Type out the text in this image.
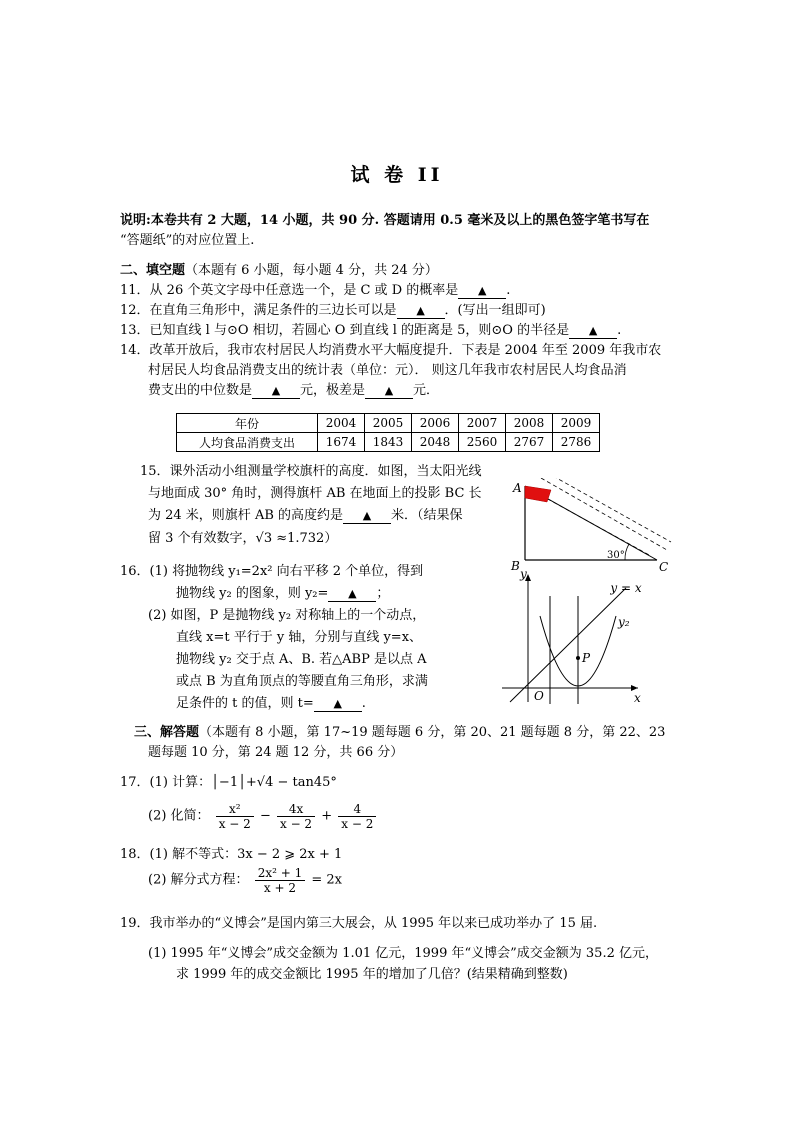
试 卷 II
说明:本卷共有 2 大题，14 小题，共 90 分. 答题请用 0.5 毫米及以上的黑色签字笔书写在
“答题纸”的对应位置上.
二、填空题（本题有 6 小题，每小题 4 分，共 24 分）
11．从 26 个英文字母中任意选一个，是 C 或 D 的概率是 ▲ .
12．在直角三角形中，满足条件的三边长可以是 ▲ ．(写出一组即可)
13．已知直线 l 与⊙O 相切，若圆心 O 到直线 l 的距离是 5，则⊙O 的半径是 ▲ .
14．改革开放后，我市农村居民人均消费水平大幅度提升．下表是 2004 年至 2009 年我市农
村居民人均食品消费支出的统计表（单位：元）． 则这几年我市农村居民人均食品消
费支出的中位数是 ▲ 元，极差是 ▲ 元．
年份	2004	2005	2006	2007	2008	2009
人均食品消费支出	1674	1843	2048	2560	2767	2786
15．课外活动小组测量学校旗杆的高度．如图，当太阳光线
与地面成 30° 角时，测得旗杆 AB 在地面上的投影 BC 长
为 24 米，则旗杆 AB 的高度约是 ▲ 米．（结果保
留 3 个有效数字，√3 ≈1.732）
A
B	C
30°
16．(1) 将抛物线 y₁=2x² 向右平移 2 个单位，得到
抛物线 y₂ 的图象，则 y₂= ▲ ；
(2) 如图，P 是抛物线 y₂ 对称轴上的一个动点，
直线 x=t 平行于 y 轴，分别与直线 y=x、
抛物线 y₂ 交于点 A、B. 若△ABP 是以点 A
或点 B 为直角顶点的等腰直角三角形，求满
足条件的 t 的值，则 t= ▲ .
P
y
x
O
y = x
y₂
三、解答题（本题有 8 小题，第 17~19 题每题 6 分，第 20、21 题每题 8 分，第 22、23
题每题 10 分，第 24 题 12 分，共 66 分）
17．(1) 计算：│−1│+√4 − tan45°
(2) 化简： $\frac{\text{x²}}{x - 2} - \frac{4x}{x - 2} + \frac{4}{x - 2}$
18．(1) 解不等式：3x − 2 ⩾ 2x + 1
(2) 解分式方程： $\frac{\text{2x² + 1}}{x + 2} = 2x$
19．我市举办的“义博会”是国内第三大展会，从 1995 年以来已成功举办了 15 届.
(1) 1995 年“义博会”成交金额为 1.01 亿元，1999 年“义博会”成交金额为 35.2 亿元，
求 1999 年的成交金额比 1995 年的增加了几倍？(结果精确到整数)
